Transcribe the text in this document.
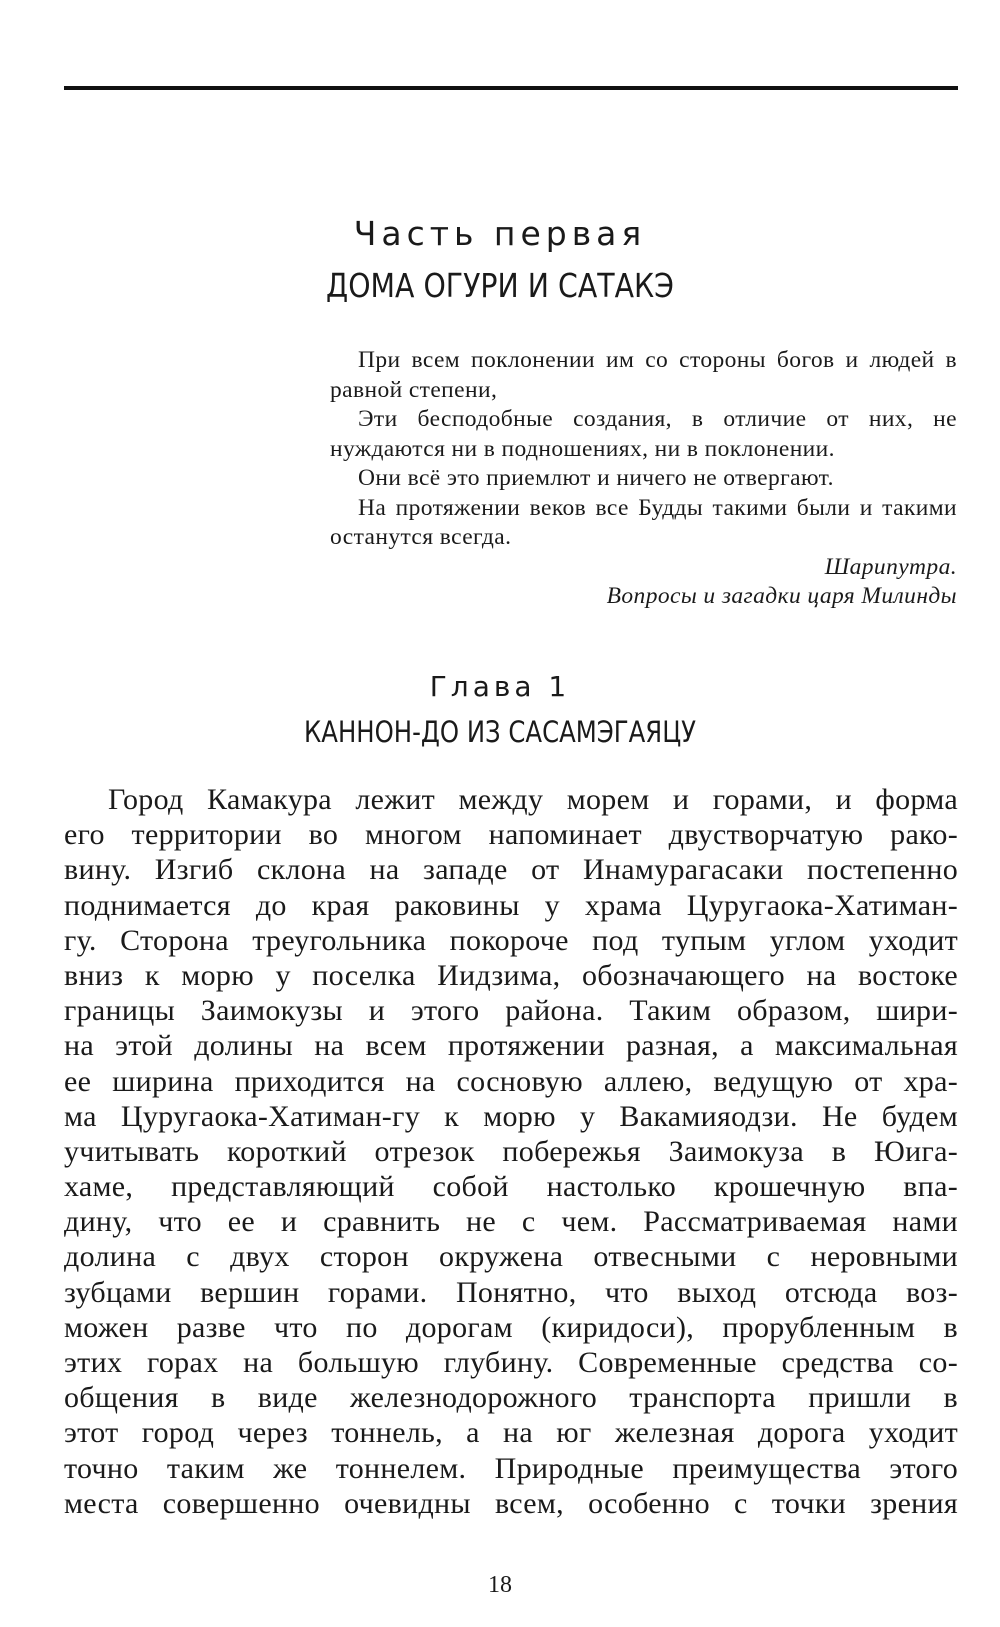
Часть первая
ДОМА ОГУРИ И САТАКЭ

При всем поклонении им со стороны богов и людей в равной степени,

Эти бесподобные создания, в отличие от них, не нуждаются ни в подношениях, ни в поклонении.

Они всё это приемлют и ничего не отвергают.

На протяжении веков все Будды такими были и такими останутся всегда.

Шарипутра.

Вопросы и загадки царя Милинды

Глава 1
КАННОН-ДО ИЗ САСАМЭГАЯЦУ
Город Камакура лежит между морем и горами, и форма
его территории во многом напоминает двустворчатую рако-
вину. Изгиб склона на западе от Инамурагасаки постепенно
поднимается до края раковины у храма Цуругаока-Хатиман-
гу. Сторона треугольника покороче под тупым углом уходит
вниз к морю у поселка Иидзима, обозначающего на востоке
границы Заимокузы и этого района. Таким образом, шири-
на этой долины на всем протяжении разная, а максимальная
ее ширина приходится на сосновую аллею, ведущую от хра-
ма Цуругаока-Хатиман-гу к морю у Вакамияодзи. Не будем
учитывать короткий отрезок побережья Заимокуза в Юига-
хаме, представляющий собой настолько крошечную впа-
дину, что ее и сравнить не с чем. Рассматриваемая нами
долина с двух сторон окружена отвесными с неровными
зубцами вершин горами. Понятно, что выход отсюда воз-
можен разве что по дорогам (киридоси), прорубленным в
этих горах на большую глубину. Современные средства со-
общения в виде железнодорожного транспорта пришли в
этот город через тоннель, а на юг железная дорога уходит
точно таким же тоннелем. Природные преимущества этого
места совершенно очевидны всем, особенно с точки зрения
18
